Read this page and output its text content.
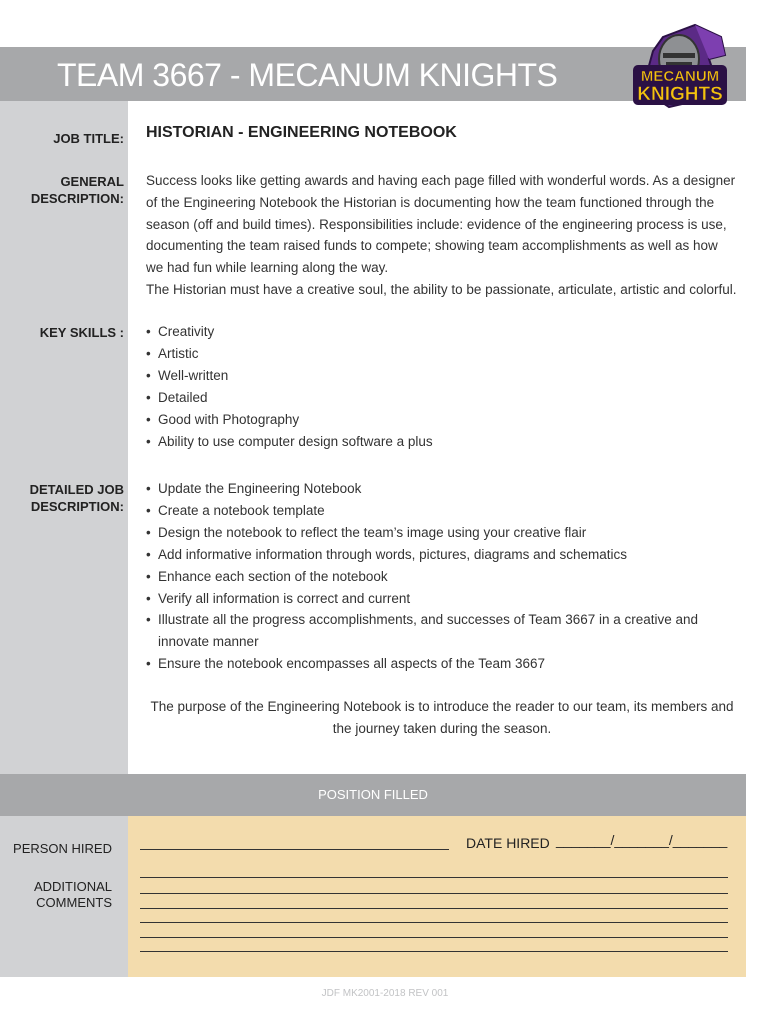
TEAM 3667 - MECANUM KNIGHTS	MECANUM
KNIGHTS
JOB TITLE: HISTORIAN - ENGINEERING NOTEBOOK
GENERAL
DESCRIPTION:

Success looks like getting awards and having each page filled with wonderful words. As a designer of the Engineering Notebook the Historian is documenting how the team functioned through the season (off and build times). Responsibilities include: evidence of the engineering process is use, documenting the team raised funds to compete; showing team accomplishments as well as how we had fun while learning along the way.

The Historian must have a creative soul, the ability to be passionate, articulate, artistic and colorful.

KEY SKILLS :
•	Creativity
• Artistic
• Well-written
• Detailed
• Good with Photography
• Ability to use computer design software a plus
DETAILED JOB
DESCRIPTION:
• Update the Engineering Notebook
• Create a notebook template
• Design the notebook to reflect the team’s image using your creative flair
• Add informative information through words, pictures, diagrams and schematics
• Enhance each section of the notebook
• Verify all information is correct and current
• Illustrate all the progress accomplishments, and successes of Team 3667 in a creative and innovate manner
• Ensure the notebook encompasses all aspects of the Team 3667
The purpose of the Engineering Notebook is to introduce the reader to our team, its members and the journey taken during the season.
POSITION FILLED
PERSON HIRED	DATE HIRED _______/_______/_______
ADDITIONAL
COMMENTS
JDF MK2001-2018 REV 001
